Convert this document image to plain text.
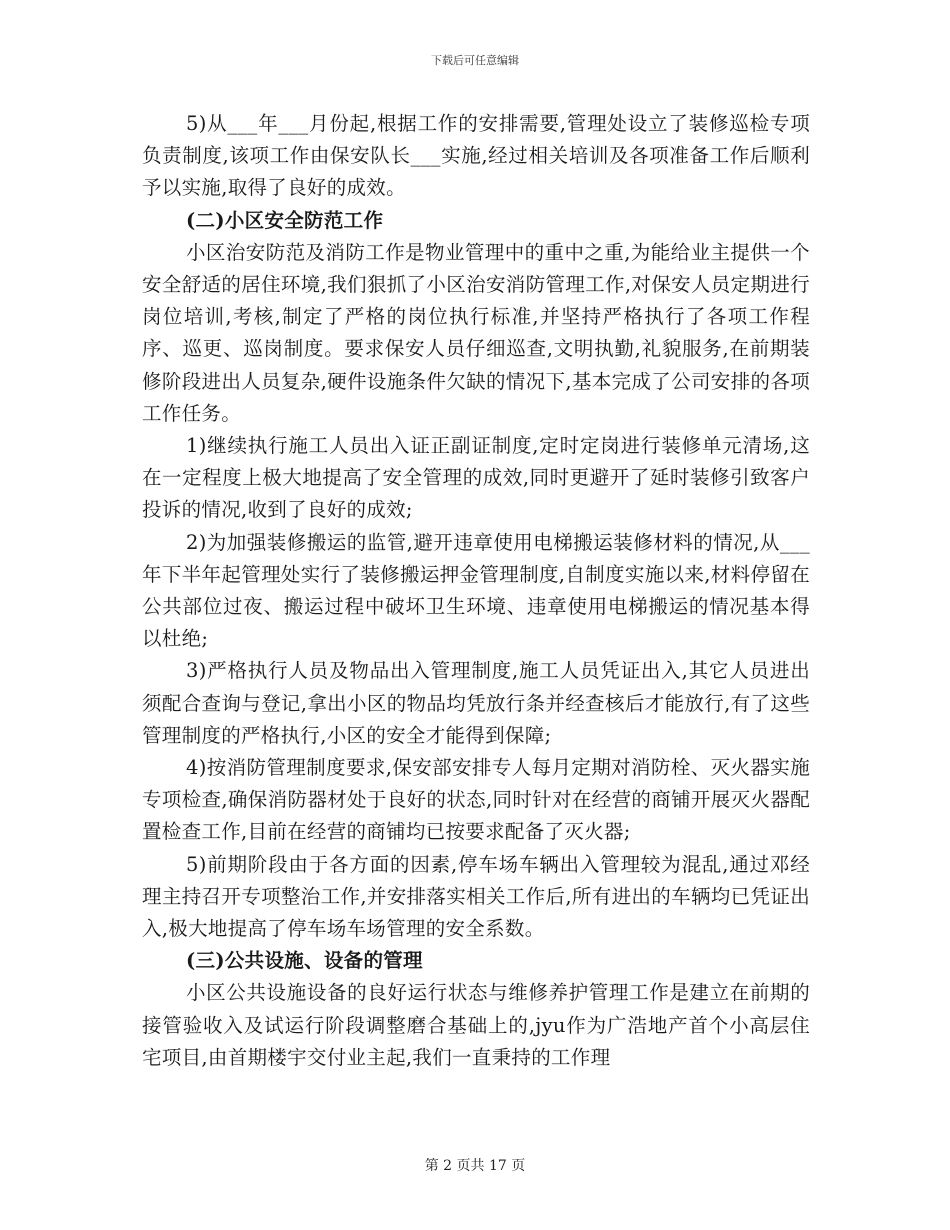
下载后可任意编辑

5)从___年___月份起,根据工作的安排需要,管理处设立了装修巡检专项负责制度,该项工作由保安队长___实施,经过相关培训及各项准备工作后顺利予以实施,取得了良好的成效。

(二)小区安全防范工作

小区治安防范及消防工作是物业管理中的重中之重,为能给业主提供一个安全舒适的居住环境,我们狠抓了小区治安消防管理工作,对保安人员定期进行岗位培训,考核,制定了严格的岗位执行标准,并坚持严格执行了各项工作程序、巡更、巡岗制度。要求保安人员仔细巡查,文明执勤,礼貌服务,在前期装修阶段进出人员复杂,硬件设施条件欠缺的情况下,基本完成了公司安排的各项工作任务。

1)继续执行施工人员出入证正副证制度,定时定岗进行装修单元清场,这在一定程度上极大地提高了安全管理的成效,同时更避开了延时装修引致客户投诉的情况,收到了良好的成效;

2)为加强装修搬运的监管,避开违章使用电梯搬运装修材料的情况,从___年下半年起管理处实行了装修搬运押金管理制度,自制度实施以来,材料停留在公共部位过夜、搬运过程中破坏卫生环境、违章使用电梯搬运的情况基本得以杜绝;

3)严格执行人员及物品出入管理制度,施工人员凭证出入,其它人员进出须配合查询与登记,拿出小区的物品均凭放行条并经查核后才能放行,有了这些管理制度的严格执行,小区的安全才能得到保障;

4)按消防管理制度要求,保安部安排专人每月定期对消防栓、灭火器实施专项检查,确保消防器材处于良好的状态,同时针对在经营的商铺开展灭火器配置检查工作,目前在经营的商铺均已按要求配备了灭火器;

5)前期阶段由于各方面的因素,停车场车辆出入管理较为混乱,通过邓经理主持召开专项整治工作,并安排落实相关工作后,所有进出的车辆均已凭证出入,极大地提高了停车场车场管理的安全系数。

(三)公共设施、设备的管理

小区公共设施设备的良好运行状态与维修养护管理工作是建立在前期的接管验收入及试运行阶段调整磨合基础上的,jyu作为广浩地产首个小高层住宅项目,由首期楼宇交付业主起,我们一直秉持的工作理

第 2 页共 17 页
